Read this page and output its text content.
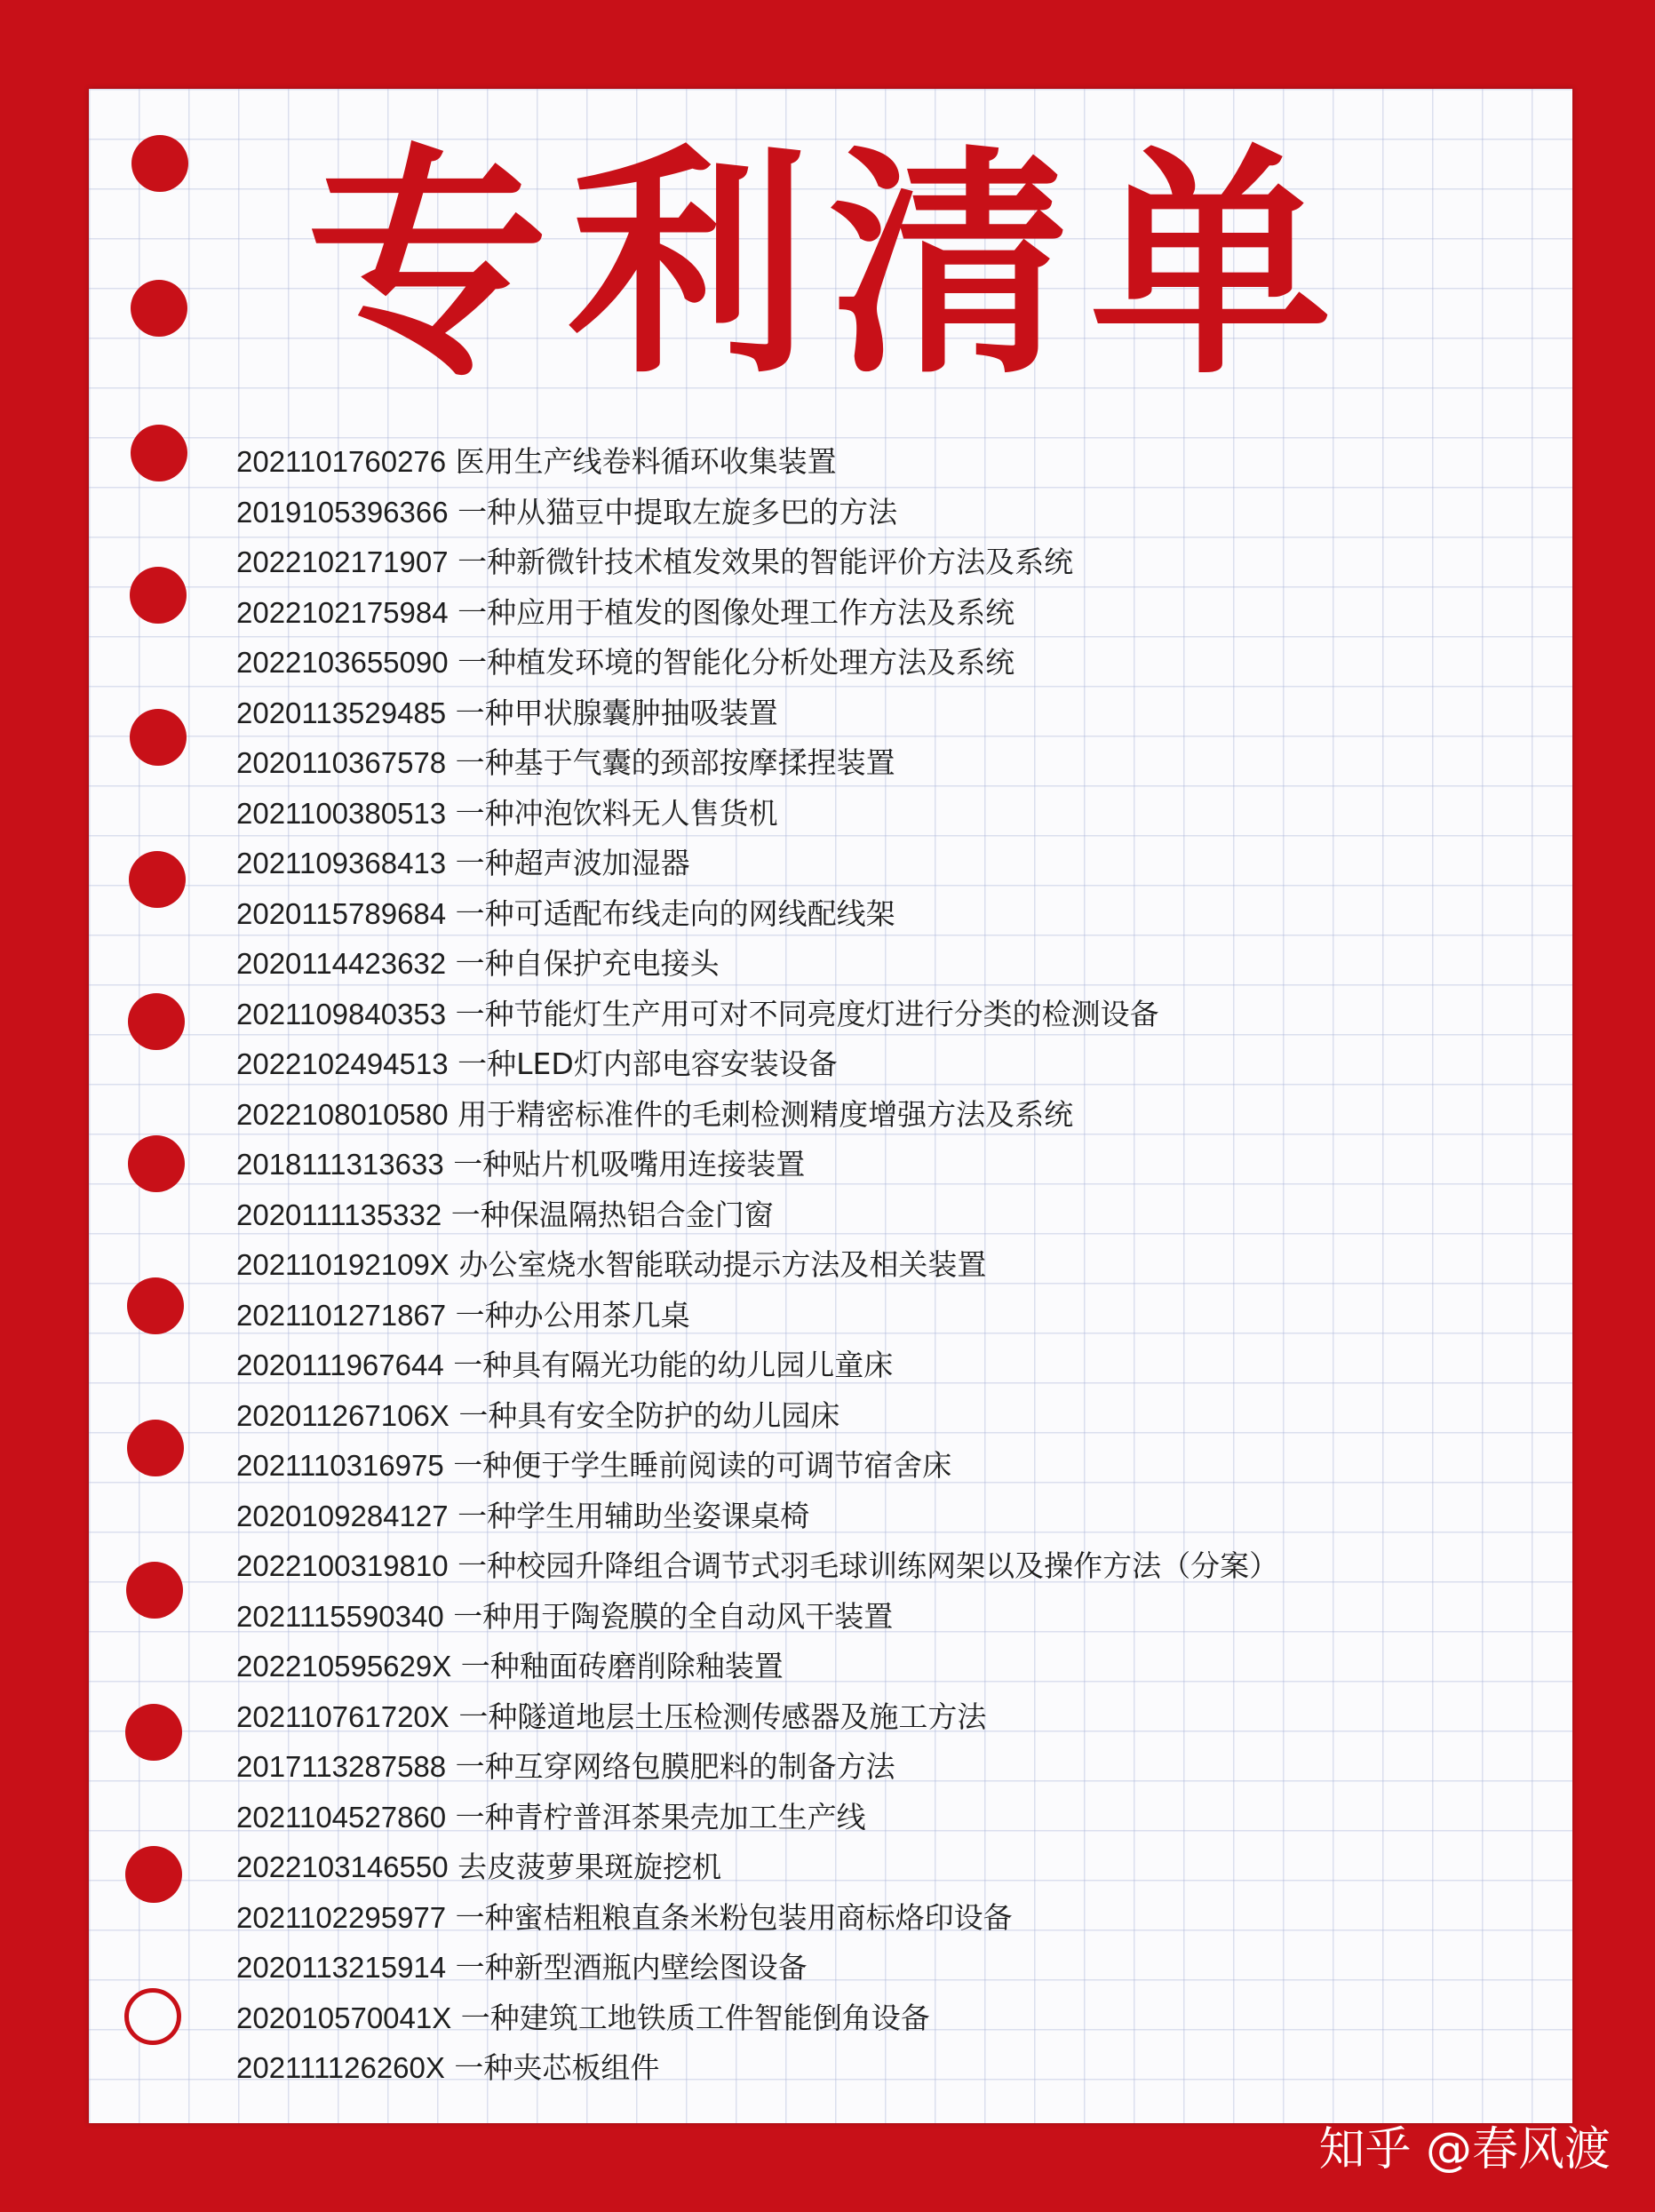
专利清单
2021101760276 医用生产线卷料循环收集装置
2019105396366 一种从猫豆中提取左旋多巴的方法
2022102171907 一种新微针技术植发效果的智能评价方法及系统
2022102175984 一种应用于植发的图像处理工作方法及系统
2022103655090 一种植发环境的智能化分析处理方法及系统
2020113529485 一种甲状腺囊肿抽吸装置
2020110367578 一种基于气囊的颈部按摩揉捏装置
2021100380513 一种冲泡饮料无人售货机
2021109368413 一种超声波加湿器
2020115789684 一种可适配布线走向的网线配线架
2020114423632 一种自保护充电接头
2021109840353 一种节能灯生产用可对不同亮度灯进行分类的检测设备
2022102494513 一种LED灯内部电容安装设备
2022108010580 用于精密标准件的毛刺检测精度增强方法及系统
2018111313633 一种贴片机吸嘴用连接装置
2020111135332 一种保温隔热铝合金门窗
202110192109X 办公室烧水智能联动提示方法及相关装置
2021101271867 一种办公用茶几桌
2020111967644 一种具有隔光功能的幼儿园儿童床
202011267106X 一种具有安全防护的幼儿园床
2021110316975 一种便于学生睡前阅读的可调节宿舍床
2020109284127 一种学生用辅助坐姿课桌椅
2022100319810 一种校园升降组合调节式羽毛球训练网架以及操作方法（分案）
2021115590340 一种用于陶瓷膜的全自动风干装置
202210595629X 一种釉面砖磨削除釉装置
202110761720X 一种隧道地层土压检测传感器及施工方法
2017113287588 一种互穿网络包膜肥料的制备方法
2021104527860 一种青柠普洱茶果壳加工生产线
2022103146550 去皮菠萝果斑旋挖机
2021102295977 一种蜜桔粗粮直条米粉包装用商标烙印设备
2020113215914 一种新型酒瓶内壁绘图设备
202010570041X 一种建筑工地铁质工件智能倒角设备
202111126260X 一种夹芯板组件
知乎 @春风渡
